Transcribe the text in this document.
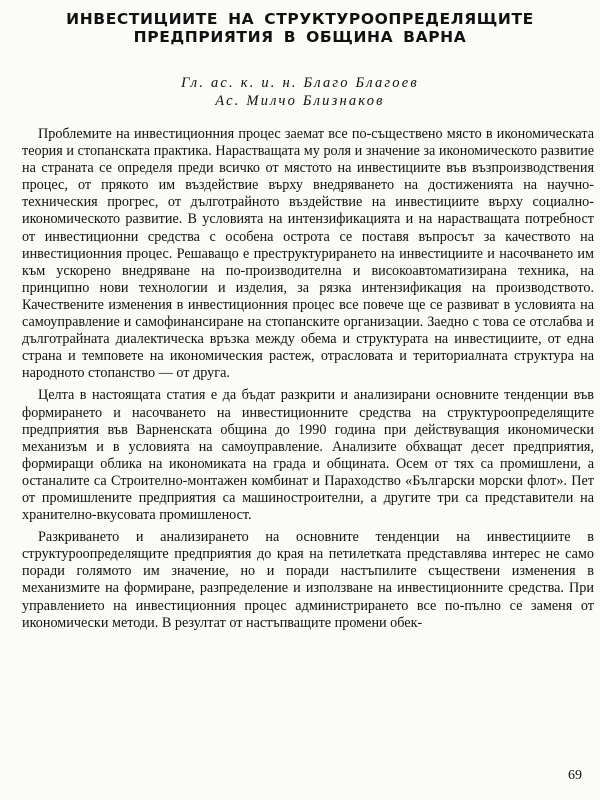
ИНВЕСТИЦИИТЕ НА СТРУКТУРООПРЕДЕЛЯЩИТЕ
ПРЕДПРИЯТИЯ В ОБЩИНА ВАРНА
Гл. ас. к. и. н. Благо Благоев
Ас. Милчо Близнаков

Проблемите на инвестиционния процес заемат все по-съществено място в икономическата теория и стопанската практика. Нарастващата му роля и значение за икономическото развитие на страната се определя преди всичко от мястото на инвестициите във възпроизводствения процес, от прякото им въздействие върху внедряването на достиженията на научно-техническия прогрес, от дълготрайното въздействие на инвестициите върху социално-икономическото развитие. В условията на интензификацията и на нарастващата потребност от инвестиционни средства с особена острота се поставя въпросът за качеството на инвестиционния процес. Решаващо е преструктурирането на инвестициите и насочването им към ускорено внедряване на по-производителна и високоавтоматизирана техника, на принципно нови технологии и изделия, за рязка интензификация на производството. Качествените изменения в инвестиционния процес все повече ще се развиват в условията на самоуправление и самофинансиране на стопанските организации. Заедно с това се отслабва и дълготрайната диалектическа връзка между обема и структурата на инвестициите, от една страна и темповете на икономическия растеж, отрасловата и териториалната структура на народното стопанство — от друга.

Целта в настоящата статия е да бъдат разкрити и анализирани основните тенденции във формирането и насочването на инвестиционните средства на структуроопределящите предприятия във Варненската община до 1990 година при действуващия икономически механизъм и в условията на самоуправление. Анализите обхващат десет предприятия, формиращи облика на икономиката на града и общината. Осем от тях са промишлени, а останалите са Строително-монтажен комбинат и Параходство «Български морски флот». Пет от промишлените предприятия са машиностроителни, а другите три са представители на хранително-вкусовата промишленост.

Разкриването и анализирането на основните тенденции на инвестициите в структуроопределящите предприятия до края на петилетката представлява интерес не само поради голямото им значение, но и поради настъпилите съществени изменения в механизмите на формиране, разпределение и използване на инвестиционните средства. При управлението на инвестиционния процес администрирането все по-пълно се заменя от икономически методи. В резултат от настъпващите промени обек-

69
